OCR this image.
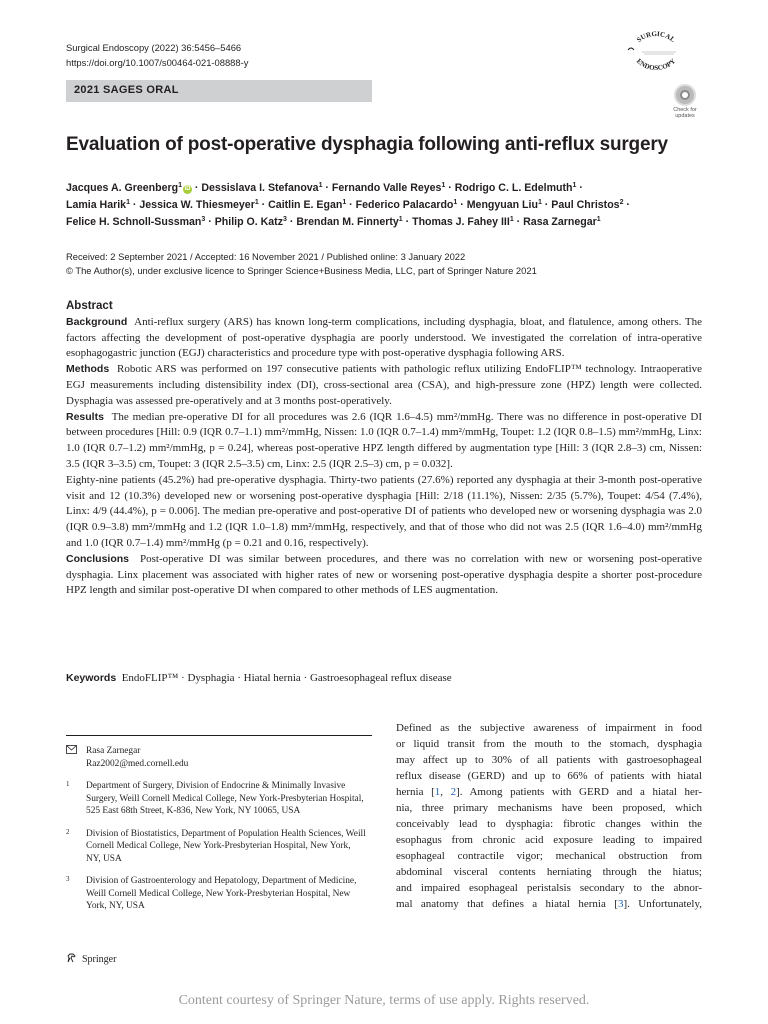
Surgical Endoscopy (2022) 36:5456–5466
https://doi.org/10.1007/s00464-021-08888-y
SURGICAL
ENDOSCOPY
2021 SAGES ORAL
Check for
updates
Evaluation of post-operative dysphagia following anti-reflux surgery
Jacques A. Greenberg$^1$ iD · Dessislava I. Stefanova$^1$ · Fernando Valle Reyes$^1$ · Rodrigo C. L. Edelmuth$^1$ ·
Lamia Harik$^1$ · Jessica W. Thiesmeyer$^1$ · Caitlin E. Egan$^1$ · Federico Palacardo$^1$ · Mengyuan Liu$^1$ · Paul Christos$^2$ ·
Felice H. Schnoll-Sussman$^3$ · Philip O. Katz$^3$ · Brendan M. Finnerty$^1$ · Thomas J. Fahey $III^1$ · Rasa Zarnegar$^1$
Received: 2 September 2021 / Accepted: 16 November 2021 / Published online: 3 January 2022
© The Author(s), under exclusive licence to Springer Science+Business Media, LLC, part of Springer Nature 2021
Abstract

Background Anti-reflux surgery (ARS) has known long-term complications, including dysphagia, bloat, and flatulence, among others. The factors affecting the development of post-operative dysphagia are poorly understood. We investigated the correlation of intra-operative esophagogastric junction (EGJ) characteristics and procedure type with post-operative dysphagia following ARS.

Methods Robotic ARS was performed on 197 consecutive patients with pathologic reflux utilizing EndoFLIP™ technology. Intraoperative EGJ measurements including distensibility index (DI), cross-sectional area (CSA), and high-pressure zone (HPZ) length were collected. Dysphagia was assessed pre-operatively and at 3 months post-operatively.

Results The median pre-operative DI for all procedures was 2.6 (IQR 1.6–4.5) mm²/mmHg. There was no difference in post-operative DI between procedures [Hill: 0.9 (IQR 0.7–1.1) mm²/mmHg, Nissen: 1.0 (IQR 0.7–1.4) mm²/mmHg, Toupet: 1.2 (IQR 0.8–1.5) mm²/mmHg, Linx: 1.0 (IQR 0.7–1.2) mm²/mmHg, p = 0.24], whereas post-operative HPZ length differed by augmentation type [Hill: 3 (IQR 2.8–3) cm, Nissen: 3.5 (IQR 3–3.5) cm, Toupet: 3 (IQR 2.5–3.5) cm, Linx: 2.5 (IQR 2.5–3) cm, p = 0.032].

Eighty-nine patients (45.2%) had pre-operative dysphagia. Thirty-two patients (27.6%) reported any dysphagia at their 3-month post-operative visit and 12 (10.3%) developed new or worsening post-operative dysphagia [Hill: 2/18 (11.1%), Nissen: 2/35 (5.7%), Toupet: 4/54 (7.4%), Linx: 4/9 (44.4%), p = 0.006]. The median pre-operative and post-operative DI of patients who developed new or worsening dysphagia was 2.0 (IQR 0.9–3.8) mm²/mmHg and 1.2 (IQR 1.0–1.8) mm²/mmHg, respectively, and that of those who did not was 2.5 (IQR 1.6–4.0) mm²/mmHg and 1.0 (IQR 0.7–1.4) mm²/mmHg (p = 0.21 and 0.16, respectively).

Conclusions Post-operative DI was similar between procedures, and there was no correlation with new or worsening post-operative dysphagia. Linx placement was associated with higher rates of new or worsening post-operative dysphagia despite a shorter post-procedure HPZ length and similar post-operative DI when compared to other methods of LES augmentation.

Keywords EndoFLIP™ · Dysphagia · Hiatal hernia · Gastroesophageal reflux disease
Rasa Zarnegar
Raz2002@med.cornell.edu
1 Department of Surgery, Division of Endocrine & Minimally Invasive Surgery, Weill Cornell Medical College, New York-Presbyterian Hospital, 525 East 68th Street, K-836, New York, NY 10065, USA
2 Division of Biostatistics, Department of Population Health Sciences, Weill Cornell Medical College, New York-Presbyterian Hospital, New York, NY, USA
3 Division of Gastroenterology and Hepatology, Department of Medicine, Weill Cornell Medical College, New York-Presbyterian Hospital, New York, NY, USA

Defined as the subjective awareness of impairment in food

or liquid transit from the mouth to the stomach, dysphagia

may affect up to 30% of all patients with gastroesophageal

reflux disease (GERD) and up to 66% of patients with hiatal

hernia [1, 2]. Among patients with GERD and a hiatal her-

nia, three primary mechanisms have been proposed, which

conceivably lead to dysphagia: fibrotic changes within the

esophagus from chronic acid exposure leading to impaired

esophageal contractile vigor; mechanical obstruction from

abdominal visceral contents herniating through the hiatus;

and impaired esophageal peristalsis secondary to the abnor-

mal anatomy that defines a hiatal hernia [3]. Unfortunately,

Springer
Content courtesy of Springer Nature, terms of use apply. Rights reserved.
